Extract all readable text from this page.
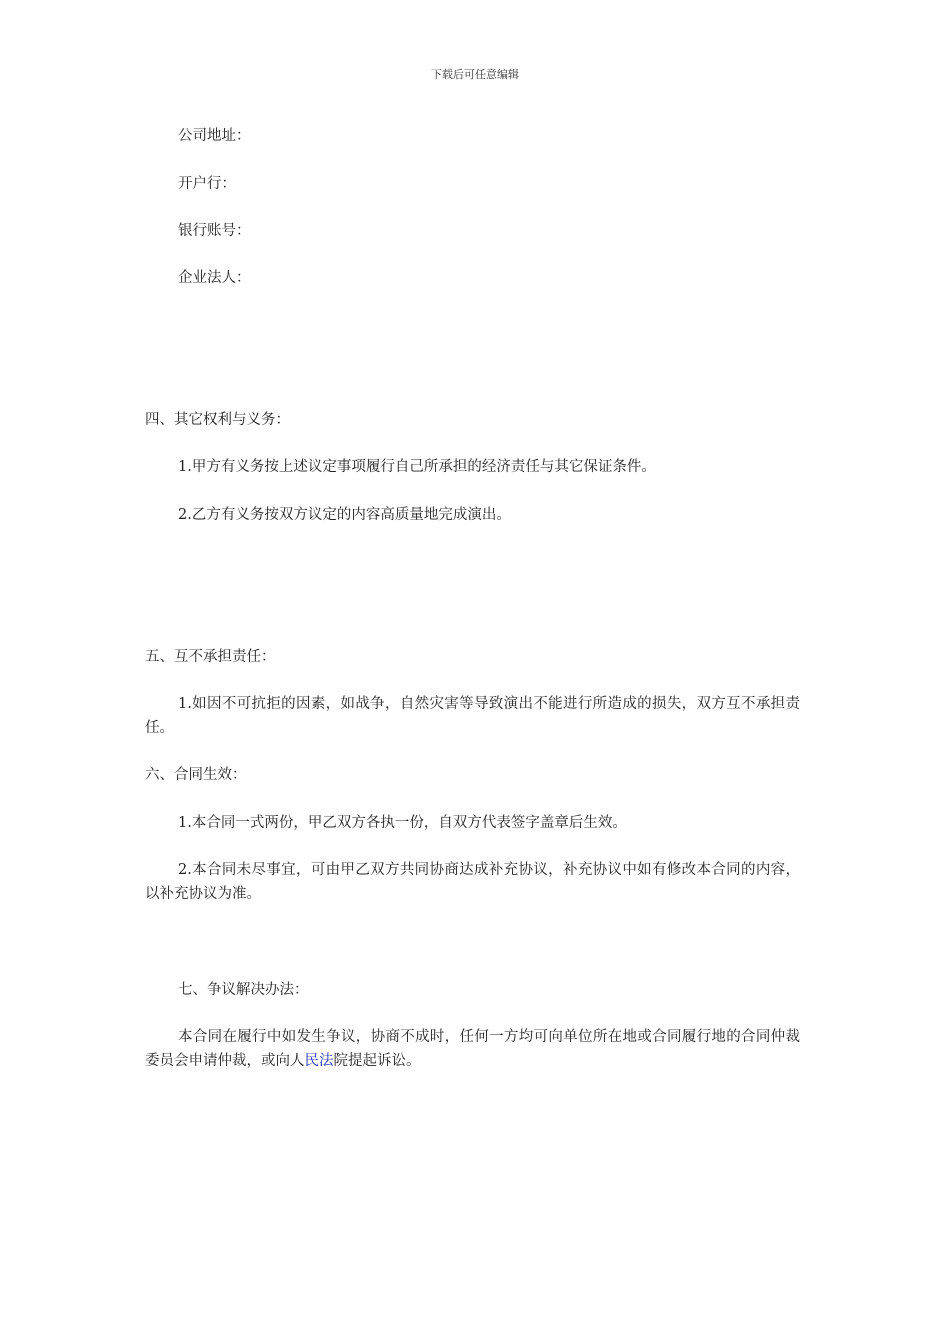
下载后可任意编辑
公司地址：
开户行：
银行账号：
企业法人：
四、其它权利与义务：
1.甲方有义务按上述议定事项履行自己所承担的经济责任与其它保证条件。
2.乙方有义务按双方议定的内容高质量地完成演出。
五、互不承担责任：
1.如因不可抗拒的因素，如战争，自然灾害等导致演出不能进行所造成的损失，双方互不承担责任。
六、合同生效：
1.本合同一式两份，甲乙双方各执一份，自双方代表签字盖章后生效。
2.本合同未尽事宜，可由甲乙双方共同协商达成补充协议，补充协议中如有修改本合同的内容，以补充协议为准。
七、争议解决办法：
本合同在履行中如发生争议，协商不成时，任何一方均可向单位所在地或合同履行地的合同仲裁委员会申请仲裁，或向人民法院提起诉讼。
